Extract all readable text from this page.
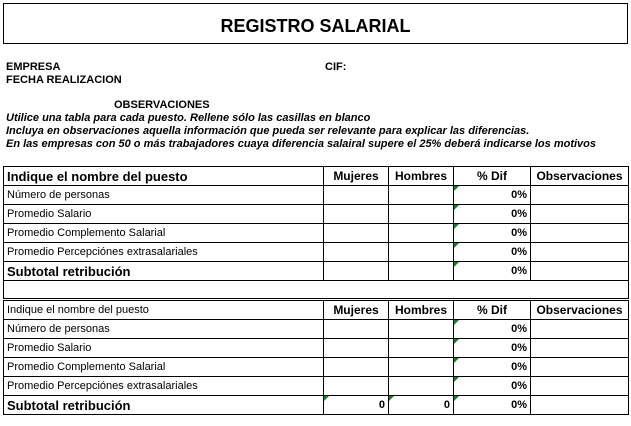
REGISTRO SALARIAL
EMPRESA
FECHA REALIZACION
CIF:
OBSERVACIONES
Utilice una tabla para cada puesto. Rellene sólo las casillas en blanco
Incluya en observaciones aquella información que pueda ser relevante para explicar las diferencias.
En las empresas con 50 o más trabajadores cuaya diferencia salairal supere el 25% deberá indicarse los motivos
Indique el nombre del puesto	Mujeres	Hombres	% Dif	Observaciones
Número de personas			0%	
Promedio Salario			0%	
Promedio Complemento Salarial			0%	
Promedio Percepciónes extrasalariales			0%	
Subtotal retribución			0%	

Indique el nombre del puesto	Mujeres	Hombres	% Dif	Observaciones
Número de personas			0%	
Promedio Salario			0%	
Promedio Complemento Salarial			0%	
Promedio Percepciónes extrasalariales			0%	
Subtotal retribución	0	0	0%	
